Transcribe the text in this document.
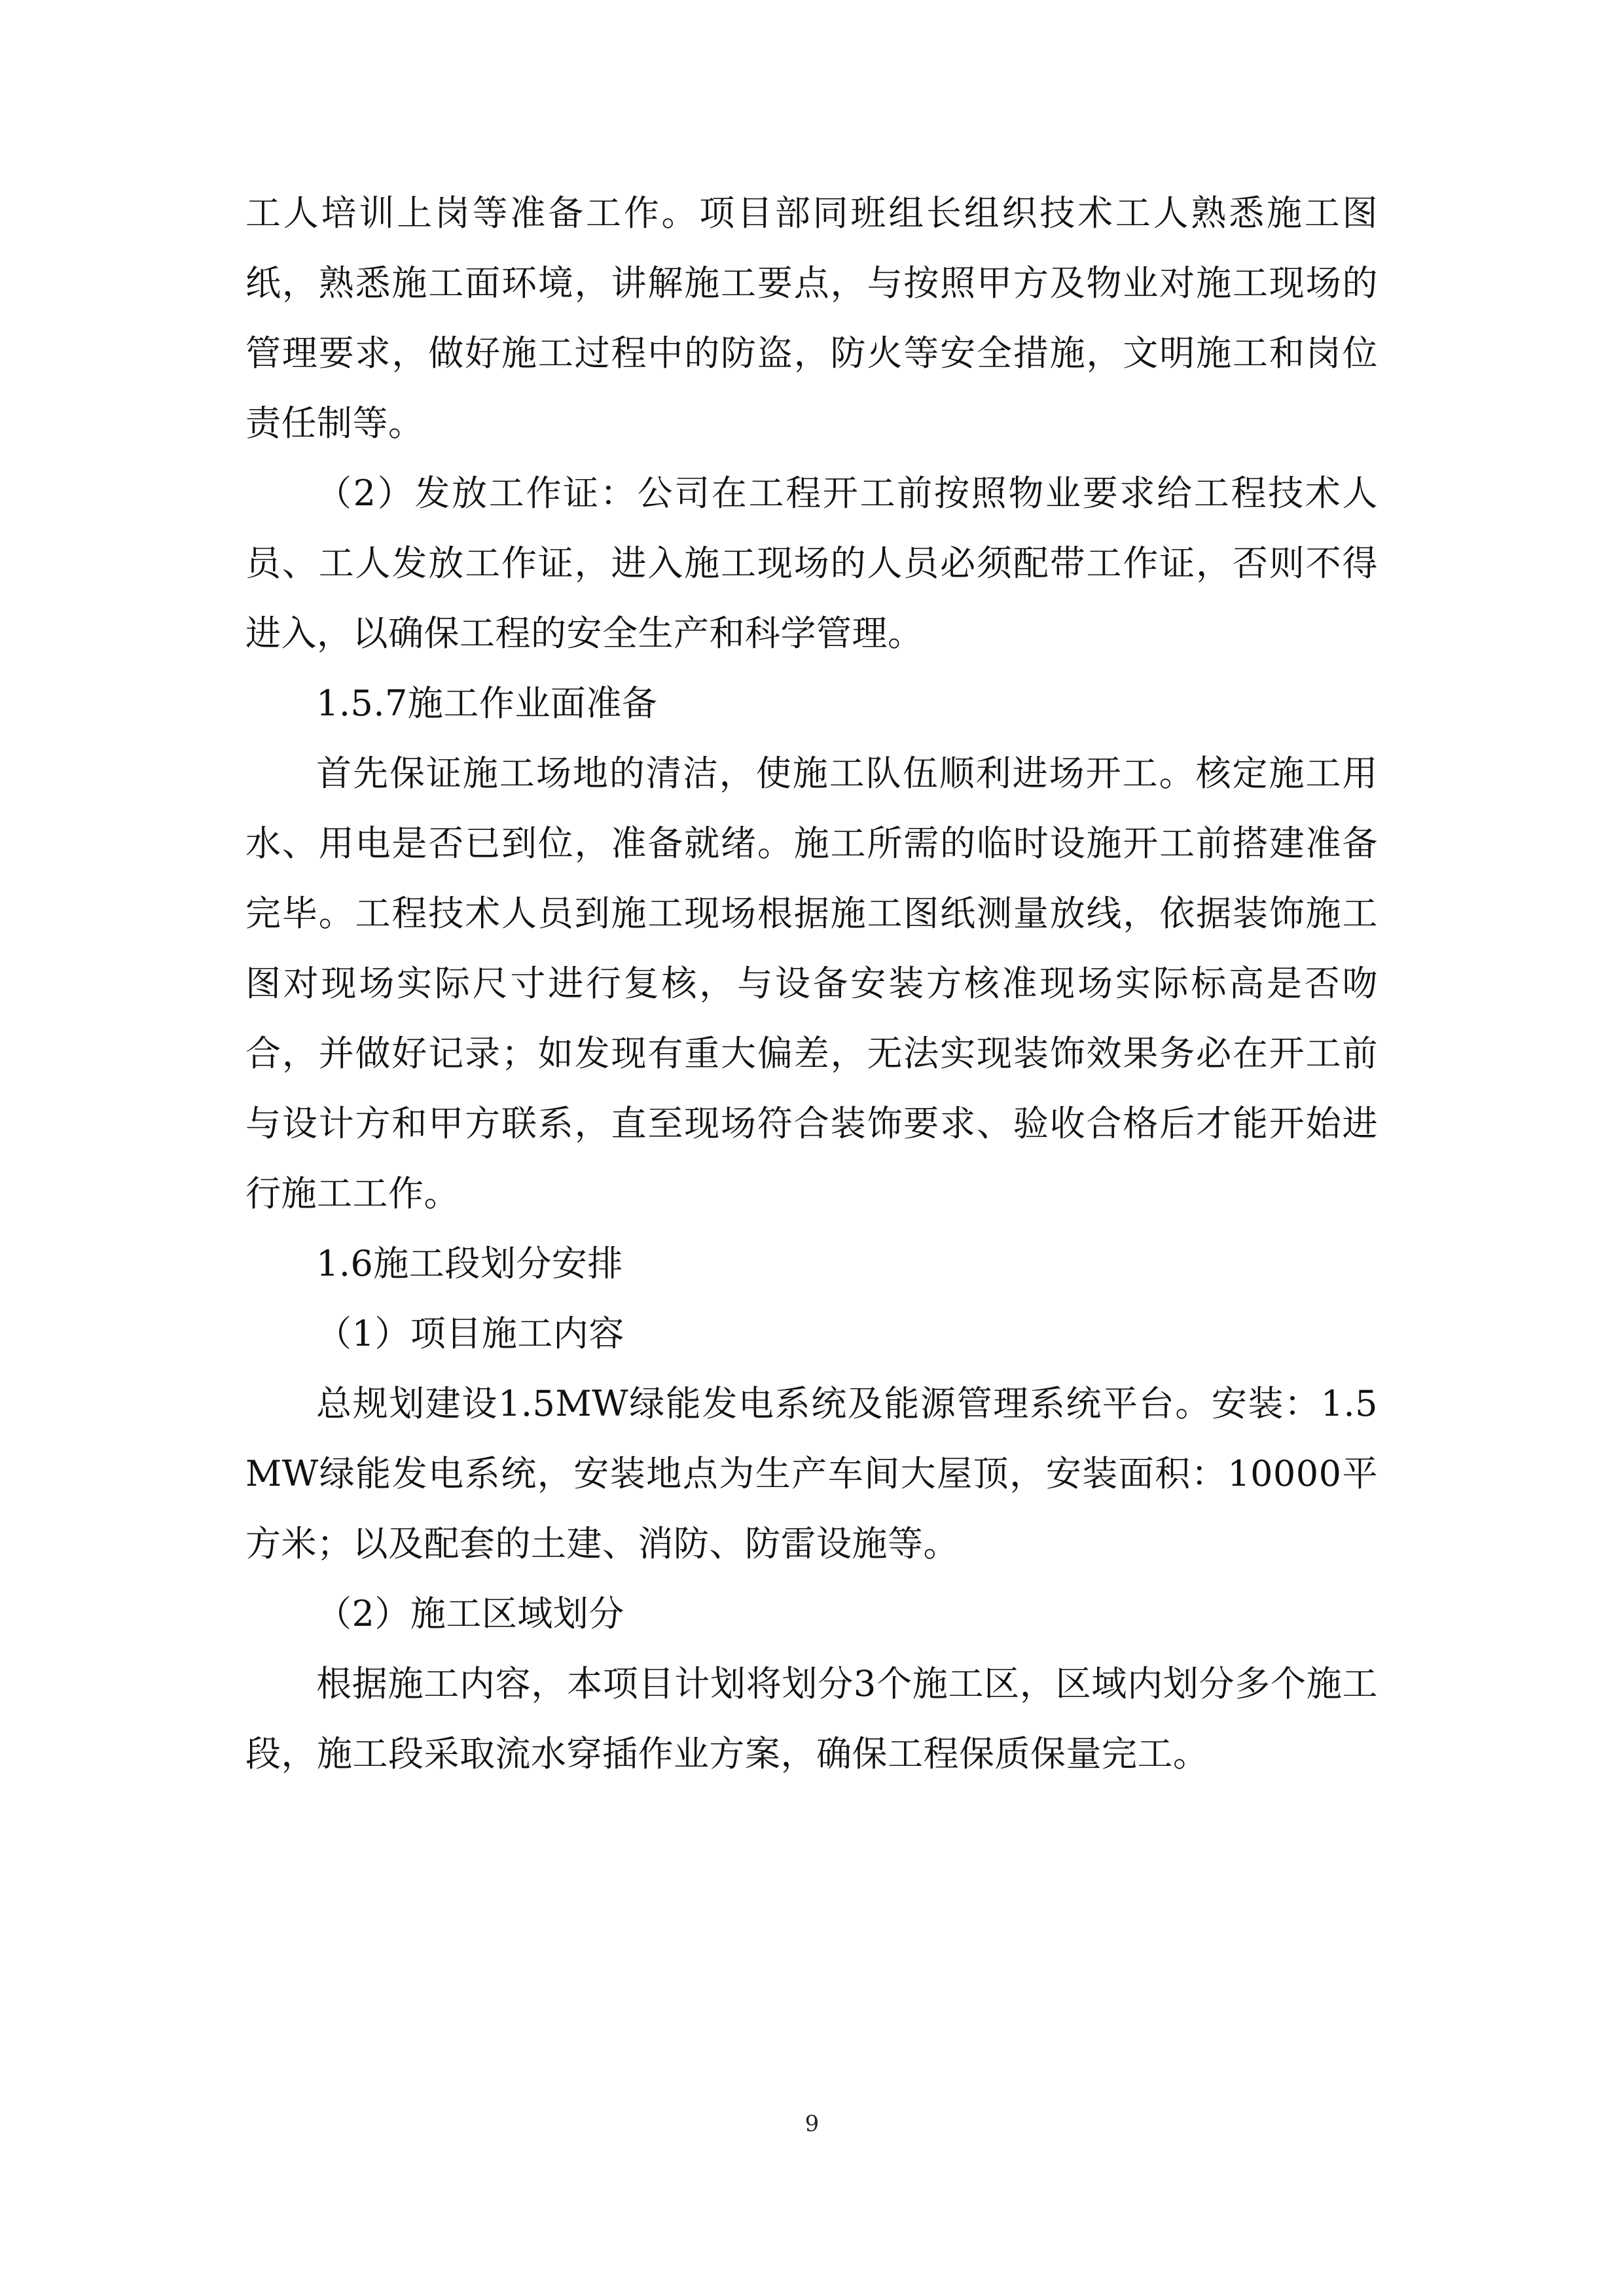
工人培训上岗等准备工作。项目部同班组长组织技术工人熟悉施工图纸，熟悉施工面环境，讲解施工要点，与按照甲方及物业对施工现场的管理要求，做好施工过程中的防盗，防火等安全措施，文明施工和岗位责任制等。

（2）发放工作证：公司在工程开工前按照物业要求给工程技术人员、工人发放工作证，进入施工现场的人员必须配带工作证，否则不得进入，以确保工程的安全生产和科学管理。

1.5.7施工作业面准备

首先保证施工场地的清洁，使施工队伍顺利进场开工。核定施工用水、用电是否已到位，准备就绪。施工所需的临时设施开工前搭建准备完毕。工程技术人员到施工现场根据施工图纸测量放线，依据装饰施工图对现场实际尺寸进行复核，与设备安装方核准现场实际标高是否吻合，并做好记录；如发现有重大偏差，无法实现装饰效果务必在开工前与设计方和甲方联系，直至现场符合装饰要求、验收合格后才能开始进行施工工作。

1.6施工段划分安排

（1）项目施工内容

总规划建设1.5MW绿能发电系统及能源管理系统平台。安装：1.5MW绿能发电系统，安装地点为生产车间大屋顶，安装面积：10000平方米；以及配套的土建、消防、防雷设施等。

（2）施工区域划分

根据施工内容，本项目计划将划分3个施工区，区域内划分多个施工段，施工段采取流水穿插作业方案，确保工程保质保量完工。

9
